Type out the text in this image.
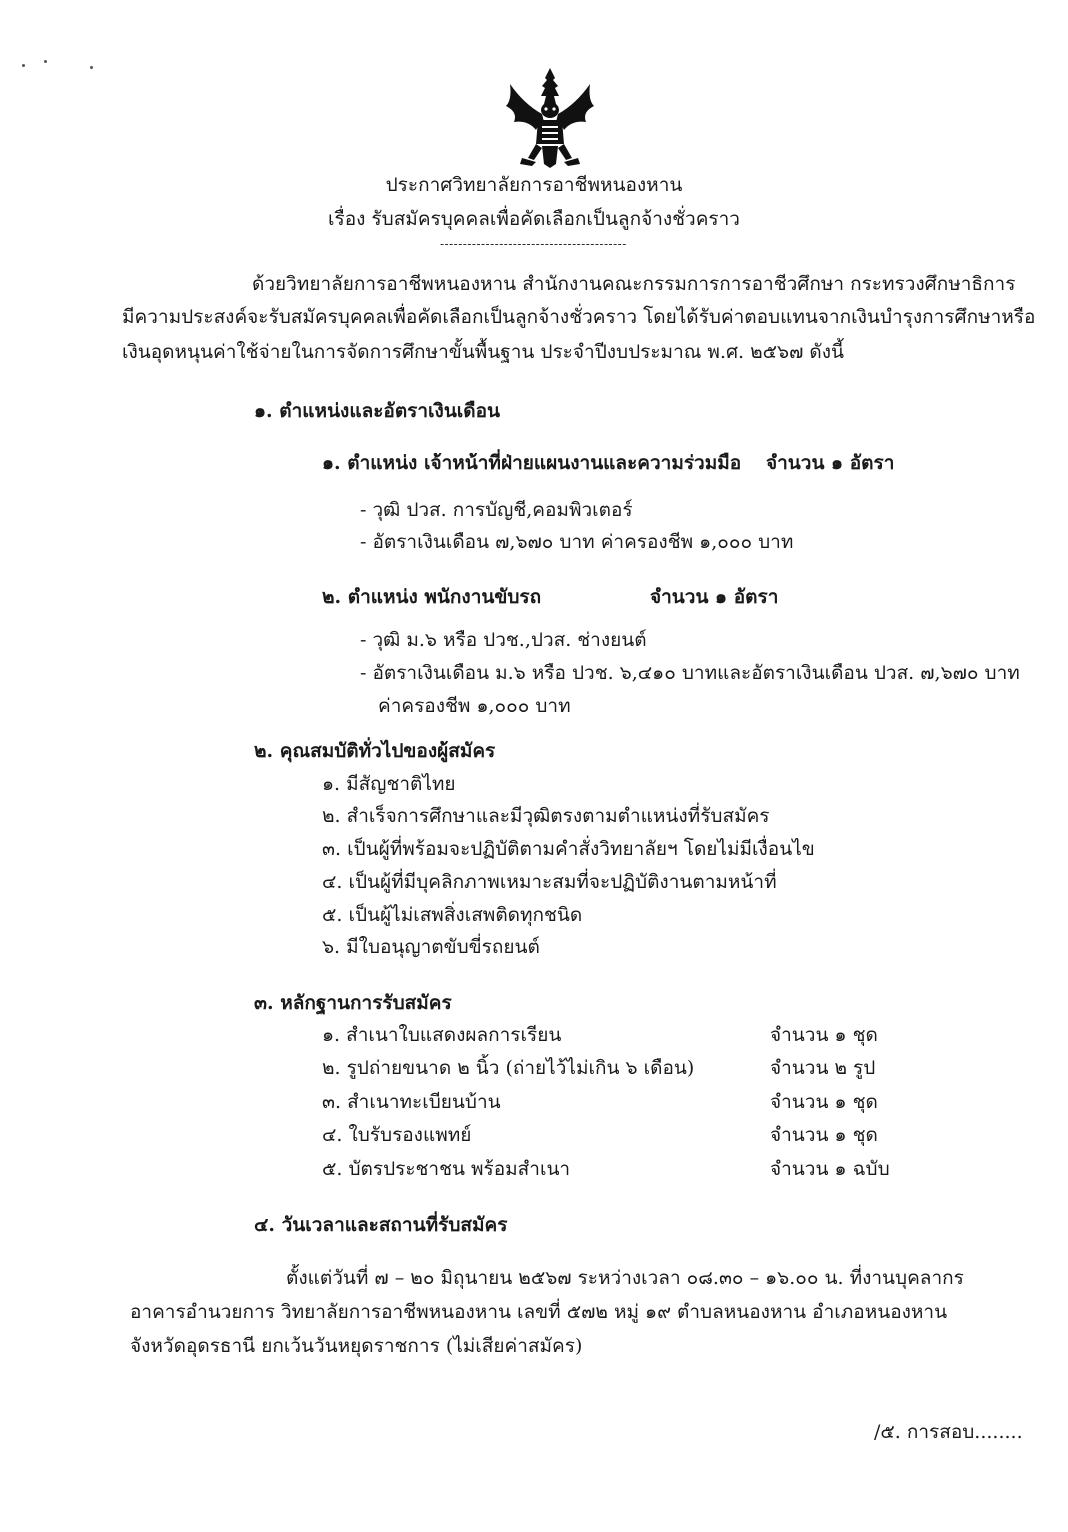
ประกาศวิทยาลัยการอาชีพหนองหาน
เรื่อง รับสมัครบุคคลเพื่อคัดเลือกเป็นลูกจ้างชั่วคราว
-----------------------------------------
ด้วยวิทยาลัยการอาชีพหนองหาน สำนักงานคณะกรรมการการอาชีวศึกษา กระทรวงศึกษาธิการ
มีความประสงค์จะรับสมัครบุคคลเพื่อคัดเลือกเป็นลูกจ้างชั่วคราว โดยได้รับค่าตอบแทนจากเงินบำรุงการศึกษาหรือ
เงินอุดหนุนค่าใช้จ่ายในการจัดการศึกษาขั้นพื้นฐาน ประจำปีงบประมาณ พ.ศ. ๒๕๖๗ ดังนี้
๑. ตำแหน่งและอัตราเงินเดือน
๑. ตำแหน่ง เจ้าหน้าที่ฝ่ายแผนงานและความร่วมมือ จำนวน ๑ อัตรา
- วุฒิ ปวส. การบัญชี,คอมพิวเตอร์
- อัตราเงินเดือน ๗,๖๗๐ บาท ค่าครองชีพ ๑,๐๐๐ บาท
๒. ตำแหน่ง พนักงานขับรถ	จำนวน ๑ อัตรา
- วุฒิ ม.๖ หรือ ปวช.,ปวส. ช่างยนต์
- อัตราเงินเดือน ม.๖ หรือ ปวช. ๖,๔๑๐ บาทและอัตราเงินเดือน ปวส. ๗,๖๗๐ บาท
ค่าครองชีพ ๑,๐๐๐ บาท
๒. คุณสมบัติทั่วไปของผู้สมัคร
๑. มีสัญชาติไทย
๒. สำเร็จการศึกษาและมีวุฒิตรงตามตำแหน่งที่รับสมัคร
๓. เป็นผู้ที่พร้อมจะปฏิบัติตามคำสั่งวิทยาลัยฯ โดยไม่มีเงื่อนไข
๔. เป็นผู้ที่มีบุคลิกภาพเหมาะสมที่จะปฏิบัติงานตามหน้าที่
๕. เป็นผู้ไม่เสพสิ่งเสพติดทุกชนิด
๖. มีใบอนุญาตขับขี่รถยนต์
๓. หลักฐานการรับสมัคร
๑. สำเนาใบแสดงผลการเรียน	จำนวน ๑ ชุด
๒. รูปถ่ายขนาด ๒ นิ้ว (ถ่ายไว้ไม่เกิน ๖ เดือน)	จำนวน ๒ รูป
๓. สำเนาทะเบียนบ้าน	จำนวน ๑ ชุด
๔. ใบรับรองแพทย์	จำนวน ๑ ชุด
๕. บัตรประชาชน พร้อมสำเนา	จำนวน ๑ ฉบับ
๔. วันเวลาและสถานที่รับสมัคร
ตั้งแต่วันที่ ๗ – ๒๐ มิถุนายน ๒๕๖๗ ระหว่างเวลา ๐๘.๓๐ – ๑๖.๐๐ น. ที่งานบุคลากร
อาคารอำนวยการ วิทยาลัยการอาชีพหนองหาน เลขที่ ๕๗๒ หมู่ ๑๙ ตำบลหนองหาน อำเภอหนองหาน
จังหวัดอุดรธานี ยกเว้นวันหยุดราชการ (ไม่เสียค่าสมัคร)
/๕. การสอบ........
